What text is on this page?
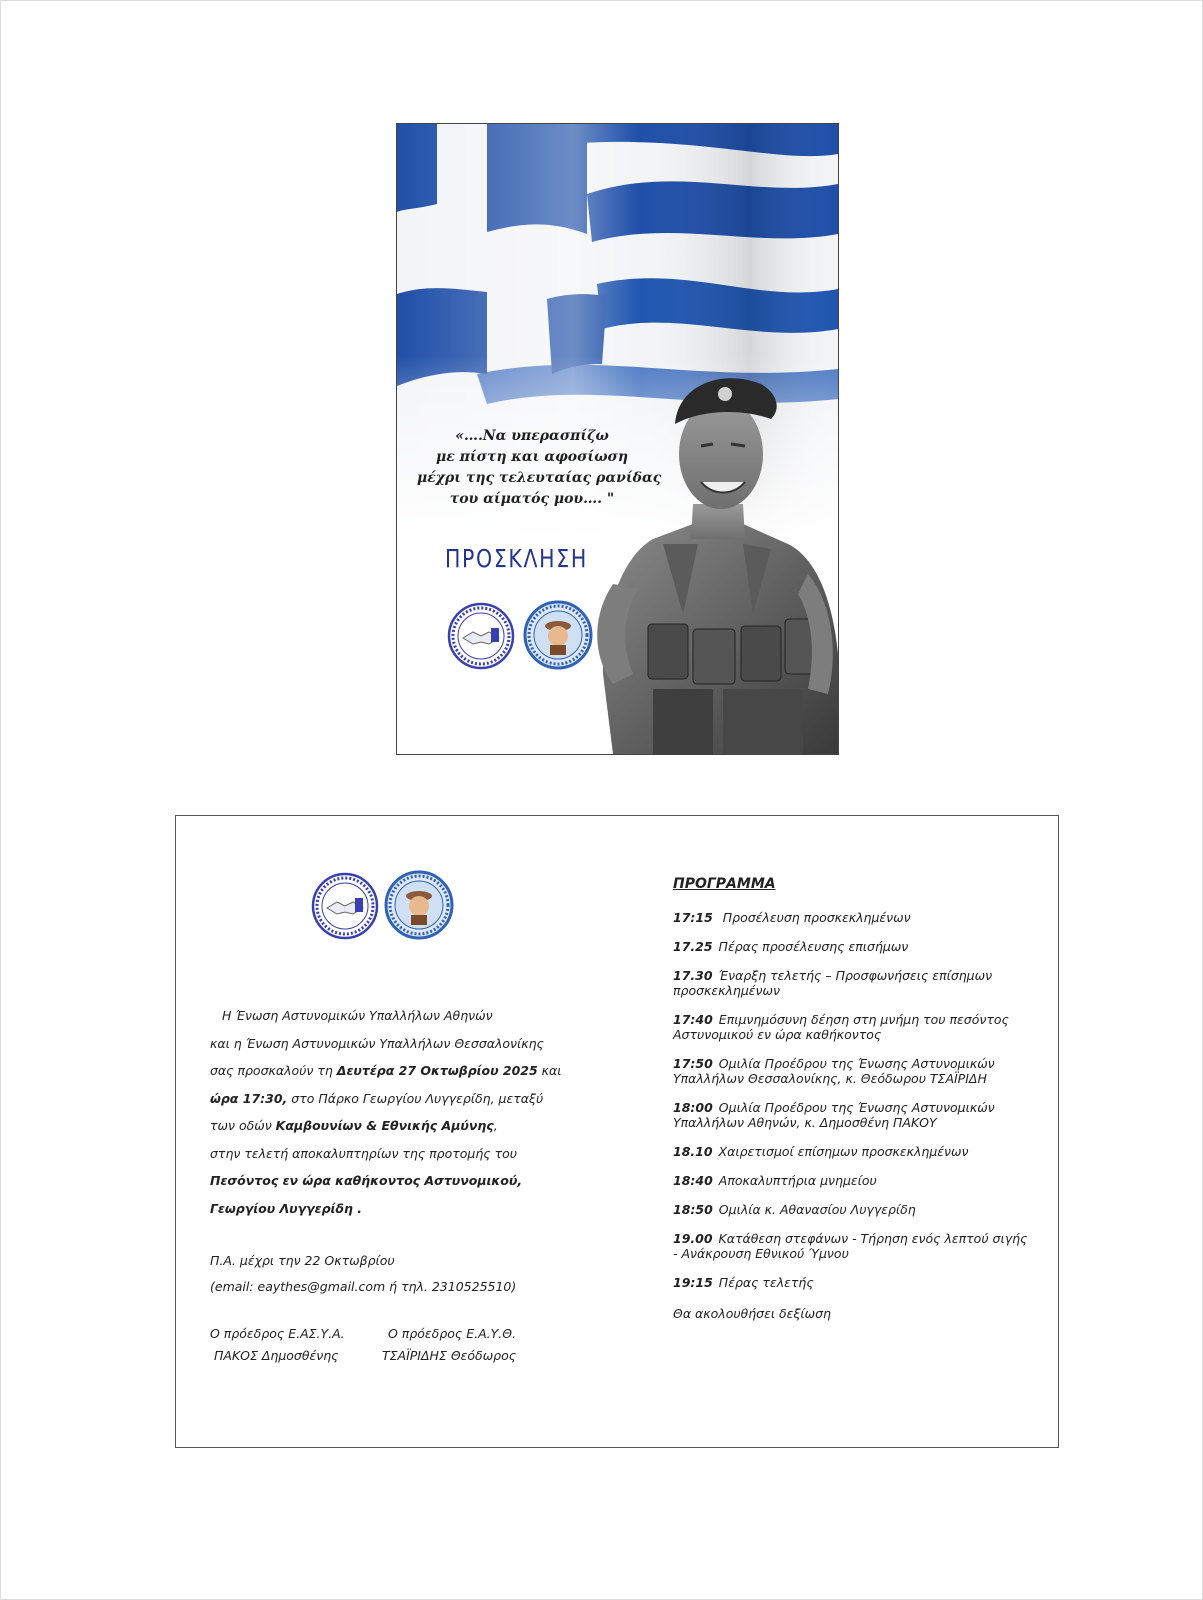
«….Να υπερασπίζω
με πίστη και αφοσίωση
μέχρι της τελευταίας ρανίδας
του αίματός μου…. "
ΠΡΟΣΚΛΗΣΗ
Η Ένωση Αστυνομικών Υπαλλήλων Αθηνών
και η Ένωση Αστυνομικών Υπαλλήλων Θεσσαλονίκης
σας προσκαλούν τη Δευτέρα 27 Οκτωβρίου 2025 και
ώρα 17:30, στο Πάρκο Γεωργίου Λυγγερίδη, μεταξύ
των οδών Καμβουνίων & Εθνικής Αμύνης,
στην τελετή αποκαλυπτηρίων της προτομής του
Πεσόντος εν ώρα καθήκοντος Αστυνομικού,
Γεωργίου Λυγγερίδη .
Π.Α. μέχρι την 22 Οκτωβρίου
(email: eaythes@gmail.com ή τηλ. 2310525510)
Ο πρόεδρος Ε.ΑΣ.Υ.Α.
ΠΑΚΟΣ Δημοσθένης
Ο πρόεδρος Ε.Α.Υ.Θ.
ΤΣΑΪΡΙΔΗΣ Θεόδωρος
ΠΡΟΓΡΑΜΜΑ
17:15 Προσέλευση προσκεκλημένων
17.25 Πέρας προσέλευσης επισήμων
17.30 Έναρξη τελετής – Προσφωνήσεις επίσημων προσκεκλημένων
17:40 Επιμνημόσυνη δέηση στη μνήμη του πεσόντος Αστυνομικού εν ώρα καθήκοντος
17:50 Ομιλία Προέδρου της Ένωσης Αστυνομικών Υπαλλήλων Θεσσαλονίκης, κ. Θεόδωρου ΤΣΑΪΡΙΔΗ
18:00 Ομιλία Προέδρου της Ένωσης Αστυνομικών Υπαλλήλων Αθηνών, κ. Δημοσθένη ΠΑΚΟΥ
18.10 Χαιρετισμοί επίσημων προσκεκλημένων
18:40 Αποκαλυπτήρια μνημείου
18:50 Ομιλία κ. Αθανασίου Λυγγερίδη
19.00 Κατάθεση στεφάνων - Τήρηση ενός λεπτού σιγής - Ανάκρουση Εθνικού Ύμνου
19:15 Πέρας τελετής
Θα ακολουθήσει δεξίωση
